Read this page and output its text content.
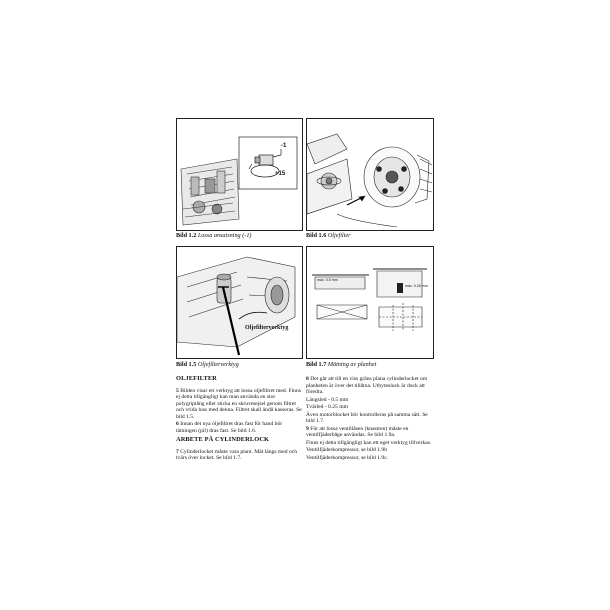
-1
+15
Bild 1.2 Lossa ansatsning (-1)	Bild 1.6 Oljefilter
Oljefilterverktyg
Bild 1.5 Oljefilterverktyg
max. 0.5 mm
max. 0.25 mm
Bild 1.7 Mätning av planhet
OLJEFILTER

5 Bilden visar ett verktyg att lossa oljefiltret med. Finns ej detta tillgängligt kan man använda en stor polygriptång eller sticka en skruvmejsel genom filtret och vrida loss med denna. Filtret skall ändå kasseras. Se bild 1.5.

6 Innan det nya oljefiltret dras fast för hand bör tätningen (pil) dras fast. Se bild 1.6.

ARBETE PÅ CYLINDERLOCK

7 Cylinderlocket måste vara plant. Mät längs med och tvärs över locket. Se bild 1.7.

8 Det går att till en viss gräns plana cylinderlocket om planheten är över det tillåtna. Utbyteslock är dock att föredra.

Längsled - 0.5 mm

Tvärled - 0.25 mm

Även motorblocket bör kontrolleras på samma sätt. Se bild 1.7.

9 För att lossa ventillåsen (knastren) måste en ventilfjäderbåge användas. Se bild 1.9a.

Finns ej detta tillgängligt kan ett eget verktyg tillverkas.

Ventilfjäderkompressor, se bild 1.9b

Ventilfjäderkompressor, se bild 1.9c.
